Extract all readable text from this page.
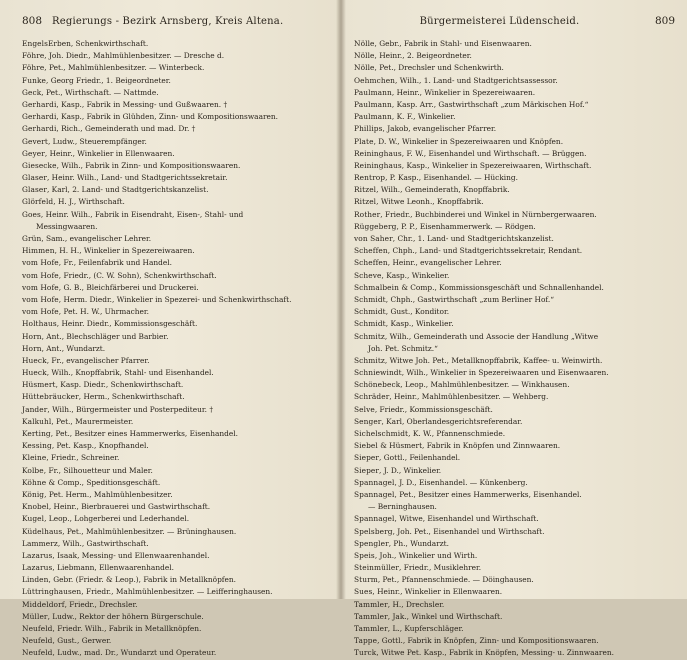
808 Regierungs - Bezirk Arnsberg, Kreis Altena.
EngelsErben, Schenkwirthschaft.
Föhre, Joh. Diedr., Mahlmühlenbesitzer. — Dresche d.
Föhre, Pet., Mahlmühlenbesitzer. — Winterbeck.
Funke, Georg Friedr., 1. Beigeordneter.
Geck, Pet., Wirthschaft. — Nattmde.
Gerhardi, Kasp., Fabrik in Messing- und Gußwaaren. †
Gerhardi, Kasp., Fabrik in Glühden, Zinn- und Kompositionswaaren.
Gerhardi, Rich., Gemeinderath und mad. Dr. †
Gevert, Ludw., Steuerempfänger.
Geyer, Heinr., Winkelier in Ellenwaaren.
Giesecke, Wilh., Fabrik in Zinn- und Kompositionswaaren.
Glaser, Heinr. Wilh., Land- und Stadtgerichtssekretair.
Glaser, Karl, 2. Land- und Stadtgerichtskanzelist.
Glörfeld, H. J., Wirthschaft.
Goes, Heinr. Wilh., Fabrik in Eisendraht, Eisen-, Stahl- und
Messingwaaren.
Grün, Sam., evangelischer Lehrer.
Himmen, H. H., Winkelier in Spezereiwaaren.
vom Hofe, Fr., Feilenfabrik und Handel.
vom Hofe, Friedr., (C. W. Sohn), Schenkwirthschaft.
vom Hofe, G. B., Bleichfärberei und Druckerei.
vom Hofe, Herm. Diedr., Winkelier in Spezerei- und Schenkwirthschaft.
vom Hofe, Pet. H. W., Uhrmacher.
Holthaus, Heinr. Diedr., Kommissionsgeschäft.
Horn, Ant., Blechschläger und Barbier.
Horn, Ant., Wundarzt.
Hueck, Fr., evangelischer Pfarrer.
Hueck, Wilh., Knopffabrik, Stahl- und Eisenhandel.
Hüsmert, Kasp. Diedr., Schenkwirthschaft.
Hüttebräucker, Herm., Schenkwirthschaft.
Jander, Wilh., Bürgermeister und Posterpediteur. †
Kalkuhl, Pet., Maurermeister.
Kerting, Pet., Besitzer eines Hammerwerks, Eisenhandel.
Kessing, Pet. Kasp., Knopfhandel.
Kleine, Friedr., Schreiner.
Kolbe, Fr., Silhouetteur und Maler.
Köhne & Comp., Speditionsgeschäft.
König, Pet. Herm., Mahlmühlenbesitzer.
Knobel, Heinr., Bierbrauerei und Gastwirthschaft.
Kugel, Leop., Lohgerberei und Lederhandel.
Küdelhaus, Pet., Mahlmühlenbesitzer. — Brüninghausen.
Lammerz, Wilh., Gastwirthschaft.
Lazarus, Isaak, Messing- und Ellenwaarenhandel.
Lazarus, Liebmann, Ellenwaarenhandel.
Linden, Gebr. (Friedr. & Leop.), Fabrik in Metallknöpfen.
Lüttringhausen, Friedr., Mahlmühlenbesitzer. — Leifferinghausen.
Middeldorf, Friedr., Drechsler.
Müller, Ludw., Rektor der höhern Bürgerschule.
Neufeld, Friedr. Wilh., Fabrik in Metallknöpfen.
Neufeld, Gust., Gerwer.
Neufeld, Ludw., mad. Dr., Wundarzt und Operateur.
Bürgermeisterei Lüdenscheid.	809
Nölle, Gebr., Fabrik in Stahl- und Eisenwaaren.
Nölle, Heinr., 2. Beigeordneter.
Nölle, Pet., Drechsler und Schenkwirth.
Oehmchen, Wilh., 1. Land- und Stadtgerichtsassessor.
Paulmann, Heinr., Winkelier in Spezereiwaaren.
Paulmann, Kasp. Arr., Gastwirthschaft „zum Märkischen Hof.“
Paulmann, K. F., Winkelier.
Phillips, Jakob, evangelischer Pfarrer.
Plate, D. W., Winkelier in Spezereiwaaren und Knöpfen.
Reininghaus, F. W., Eisenhandel und Wirthschaft. — Brüggen.
Reininghaus, Kasp., Winkelier in Spezereiwaaren, Wirthschaft.
Rentrop, P. Kasp., Eisenhandel. — Hücking.
Ritzel, Wilh., Gemeinderath, Knopffabrik.
Ritzel, Witwe Leonh., Knopffabrik.
Rother, Friedr., Buchbinderei und Winkel in Nürnbergerwaaren.
Rüggeberg, P. P., Eisenhammerwerk. — Rödgen.
von Saher, Chr., 1. Land- und Stadtgerichtskanzelist.
Scheffen, Chph., Land- und Stadtgerichtssekretair, Rendant.
Scheffen, Heinr., evangelischer Lehrer.
Scheve, Kasp., Winkelier.
Schmalbein & Comp., Kommissionsgeschäft und Schnallenhandel.
Schmidt, Chph., Gastwirthschaft „zum Berliner Hof.“
Schmidt, Gust., Konditor.
Schmidt, Kasp., Winkelier.
Schmitz, Wilh., Gemeinderath und Associe der Handlung „Witwe
Joh. Pet. Schmitz.“
Schmitz, Witwe Joh. Pet., Metallknopffabrik, Kaffee- u. Weinwirth.
Schniewindt, Wilh., Winkelier in Spezereiwaaren und Eisenwaaren.
Schönebeck, Leop., Mahlmühlenbesitzer. — Winkhausen.
Schräder, Heinr., Mahlmühlenbesitzer. — Wehberg.
Selve, Friedr., Kommissionsgeschäft.
Senger, Karl, Oberlandesgerichtsreferendar.
Sichelschmidt, K. W., Pfannenschmiede.
Siebel & Hüsmert, Fabrik in Knöpfen und Zinnwaaren.
Sieper, Gottl., Feilenhandel.
Sieper, J. D., Winkelier.
Spannagel, J. D., Eisenhandel. — Künkenberg.
Spannagel, Pet., Besitzer eines Hammerwerks, Eisenhandel.
— Berninghausen.
Spannagel, Witwe, Eisenhandel und Wirthschaft.
Spelsberg, Joh. Pet., Eisenhandel und Wirthschaft.
Spengler, Ph., Wundarzt.
Speis, Joh., Winkelier und Wirth.
Steinmüller, Friedr., Musiklehrer.
Sturm, Pet., Pfannenschmiede. — Döinghausen.
Sues, Heinr., Winkelier in Ellenwaaren.
Tammler, H., Drechsler.
Tammler, Jak., Winkel und Wirthschaft.
Tammler, L., Kupferschläger.
Tappe, Gottl., Fabrik in Knöpfen, Zinn- und Kompositionswaaren.
Turck, Witwe Pet. Kasp., Fabrik in Knöpfen, Messing- u. Zinnwaaren.
